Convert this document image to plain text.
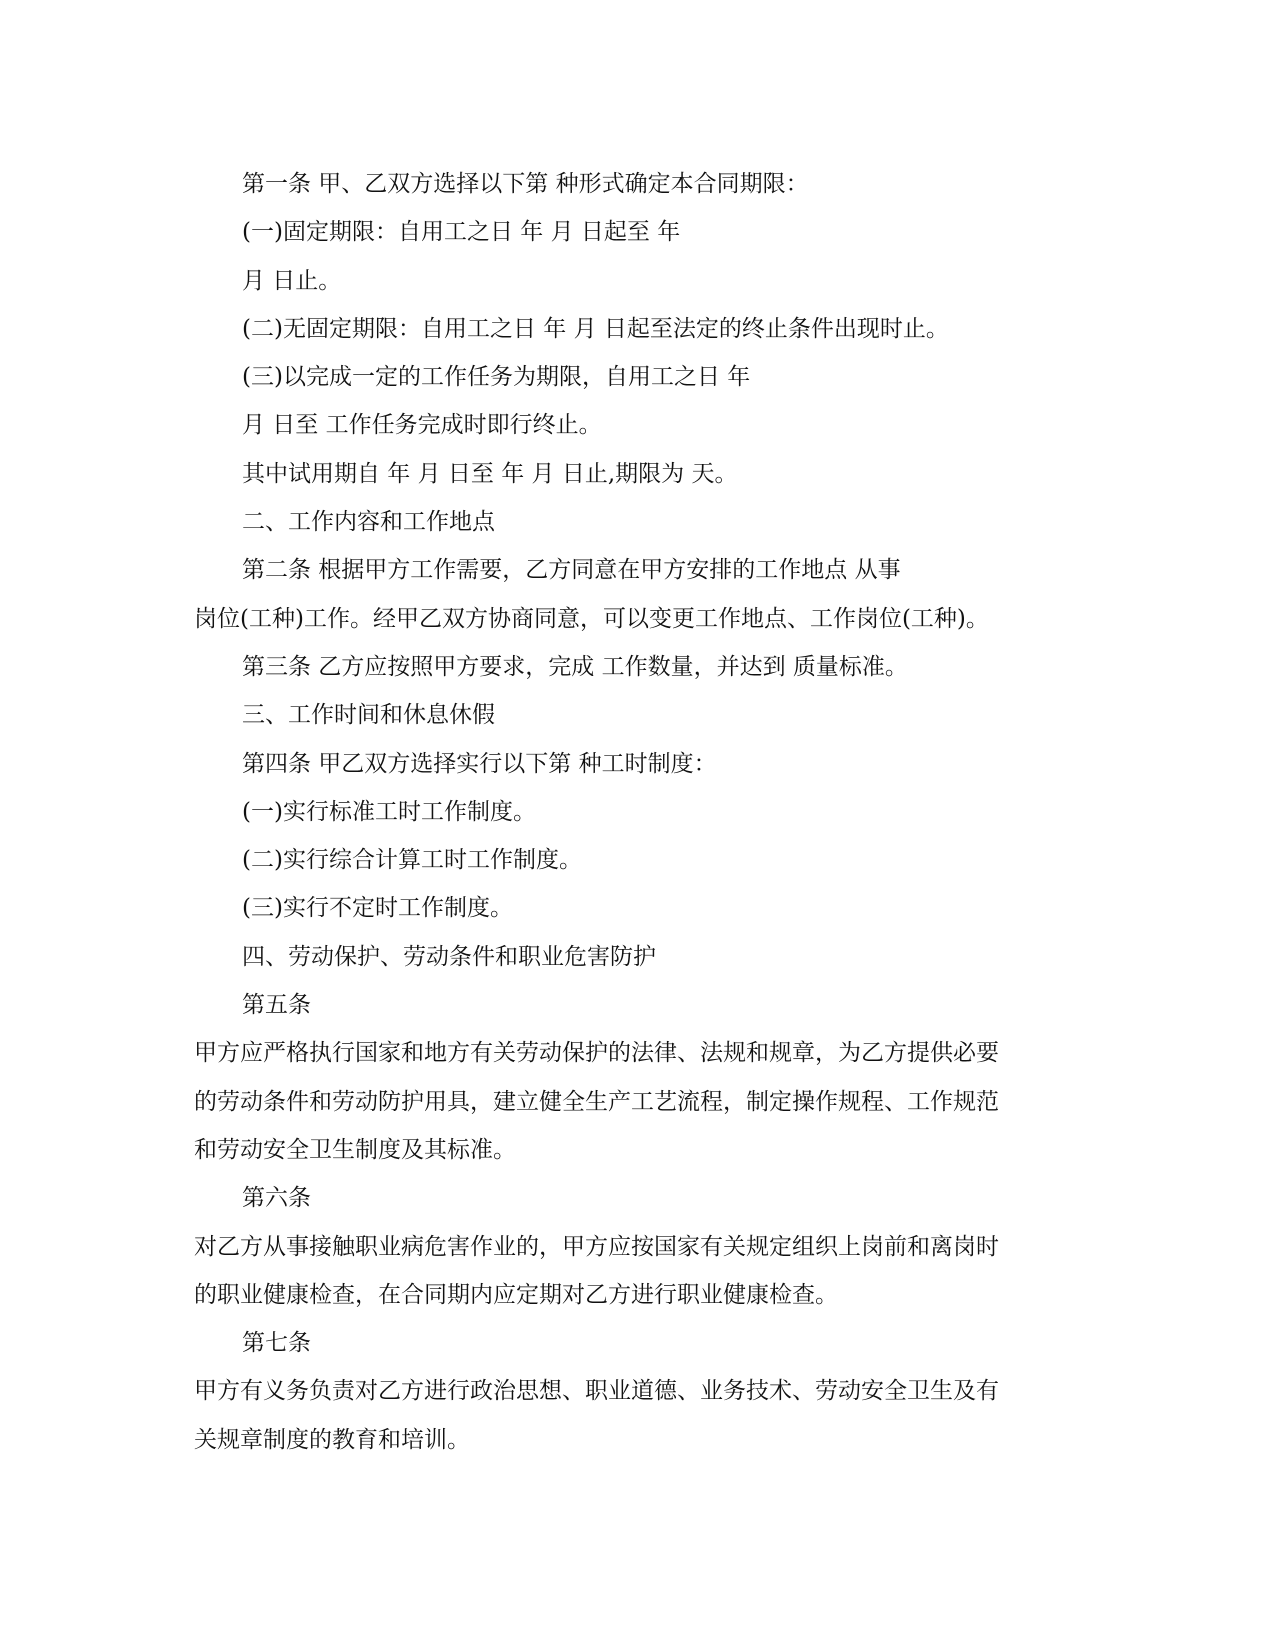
第一条 甲、乙双方选择以下第 种形式确定本合同期限：
(一)固定期限：自用工之日 年 月 日起至 年
月 日止。
(二)无固定期限：自用工之日 年 月 日起至法定的终止条件出现时止。
(三)以完成一定的工作任务为期限，自用工之日 年
月 日至 工作任务完成时即行终止。
其中试用期自 年 月 日至 年 月 日止,期限为 天。
二、工作内容和工作地点
第二条 根据甲方工作需要，乙方同意在甲方安排的工作地点 从事
岗位(工种)工作。经甲乙双方协商同意，可以变更工作地点、工作岗位(工种)。
第三条 乙方应按照甲方要求，完成 工作数量，并达到 质量标准。
三、工作时间和休息休假
第四条 甲乙双方选择实行以下第 种工时制度：
(一)实行标准工时工作制度。
(二)实行综合计算工时工作制度。
(三)实行不定时工作制度。
四、劳动保护、劳动条件和职业危害防护
第五条
甲方应严格执行国家和地方有关劳动保护的法律、法规和规章，为乙方提供必要
的劳动条件和劳动防护用具，建立健全生产工艺流程，制定操作规程、工作规范
和劳动安全卫生制度及其标准。
第六条
对乙方从事接触职业病危害作业的，甲方应按国家有关规定组织上岗前和离岗时
的职业健康检查，在合同期内应定期对乙方进行职业健康检查。
第七条
甲方有义务负责对乙方进行政治思想、职业道德、业务技术、劳动安全卫生及有
关规章制度的教育和培训。
